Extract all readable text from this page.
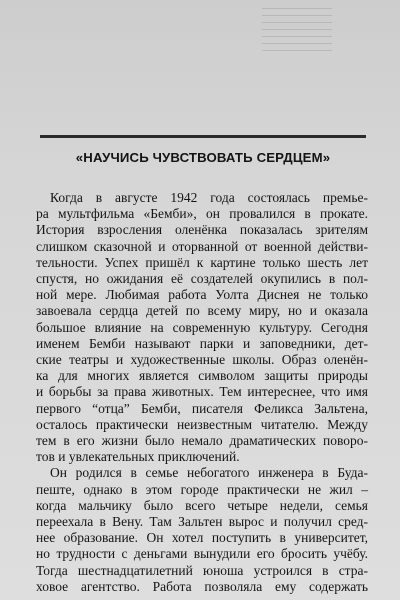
«НАУЧИСЬ ЧУВСТВОВАТЬ СЕРДЦЕМ»

Когда в августе 1942 года состоялась премье-
ра мультфильма «Бемби», он провалился в прокате.
История взросления оленёнка показалась зрителям
слишком сказочной и оторванной от военной действи-
тельности. Успех пришёл к картине только шесть лет
спустя, но ожидания её создателей окупились в пол-
ной мере. Любимая работа Уолта Диснея не только
завоевала сердца детей по всему миру, но и оказала
большое влияние на современную культуру. Сегодня
именем Бемби называют парки и заповедники, дет-
ские театры и художественные школы. Образ оленён-
ка для многих является символом защиты природы
и борьбы за права животных. Тем интереснее, что имя
первого “отца” Бемби, писателя Феликса Зальтена,
осталось практически неизвестным читателю. Между
тем в его жизни было немало драматических поворо-
тов и увлекательных приключений.

Он родился в семье небогатого инженера в Буда-
пеште, однако в этом городе практически не жил –
когда мальчику было всего четыре недели, семья
переехала в Вену. Там Зальтен вырос и получил сред-
нее образование. Он хотел поступить в университет,
но трудности с деньгами вынудили его бросить учёбу.
Тогда шестнадцатилетний юноша устроился в стра-
ховое агентство. Работа позволяла ему содержать
